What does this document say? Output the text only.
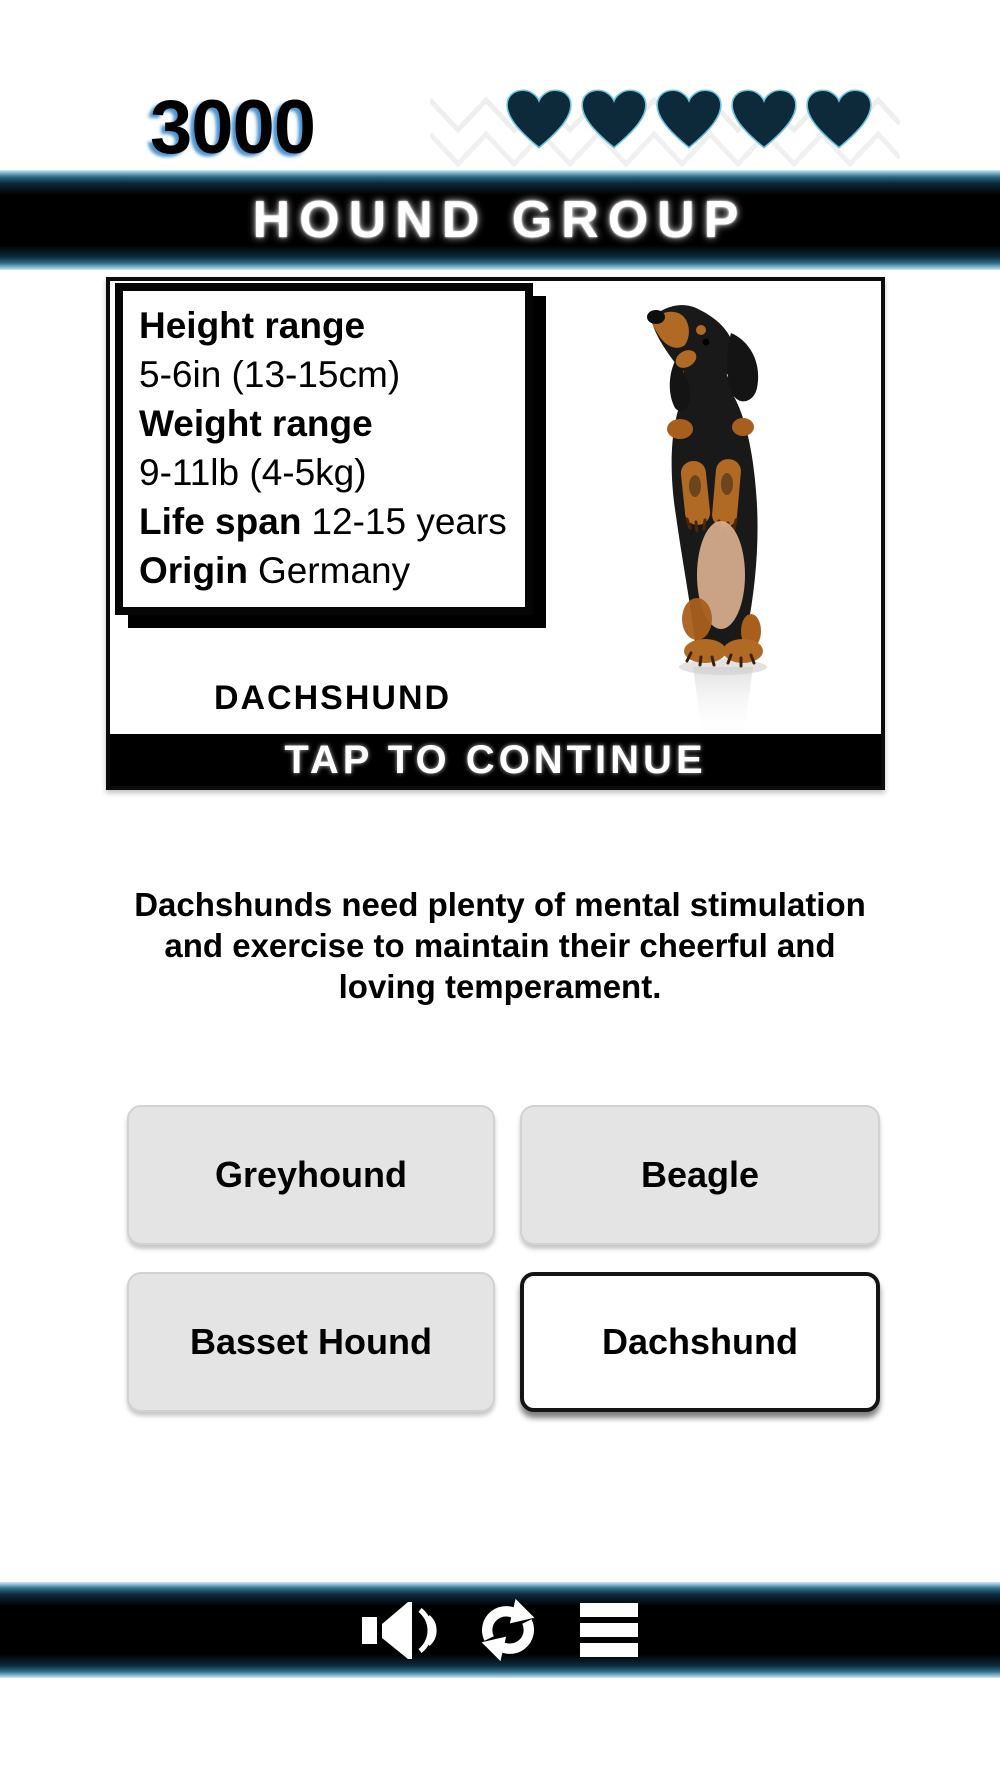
3000
HOUND GROUP
Height range
5-6in (13-15cm)
Weight range
9-11lb (4-5kg)
Life span 12-15 years
Origin Germany
DACHSHUND
TAP TO CONTINUE
Dachshunds need plenty of mental stimulation and exercise to maintain their cheerful and loving temperament.
Greyhound	Beagle
Basset Hound	Dachshund
